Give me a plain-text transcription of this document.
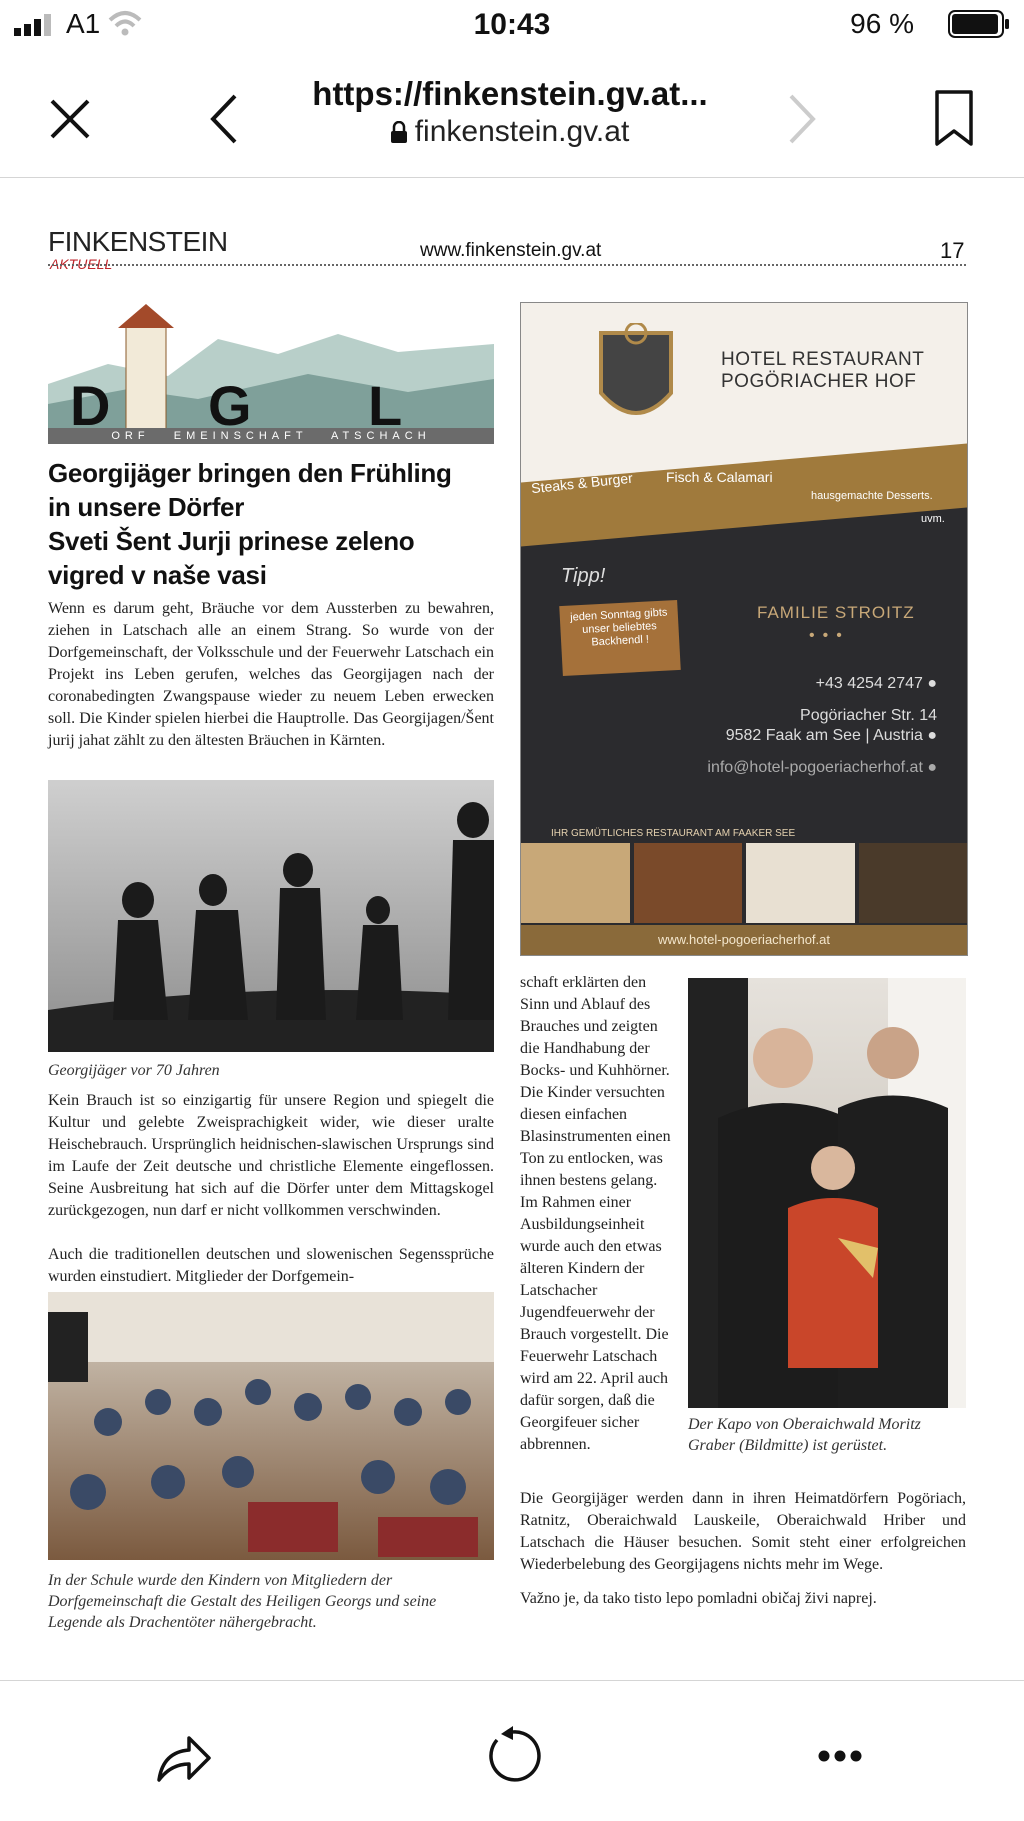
A1	10:43	96 %
https://finkenstein.gv.at...
finkenstein.gv.at
FINKENSTEIN
AKTUELL
www.finkenstein.gv.at	17
D G L
ORF   EMEINSCHAFT   ATSCHACH
Georgijäger bringen den Frühling
in unsere Dörfer
Sveti Šent Jurji prinese zeleno
vigred v naše vasi
Wenn es darum geht, Bräuche vor dem Aussterben zu bewahren, ziehen in Latschach alle an einem Strang. So wurde von der Dorfgemeinschaft, der Volksschule und der Feuerwehr Latschach ein Projekt ins Leben gerufen, welches das Georgijagen nach der coronabedingten Zwangspause wieder zu neuem Leben erwecken soll. Die Kinder spielen hierbei die Hauptrolle. Das Georgijagen/Šent jurij jahat zählt zu den ältesten Bräuchen in Kärnten.
Georgijäger vor 70 Jahren
Kein Brauch ist so einzigartig für unsere Region und spiegelt die Kultur und gelebte Zweisprachigkeit wider, wie dieser uralte Heischebrauch. Ursprünglich heidnischen-slawischen Ursprungs sind im Laufe der Zeit deutsche und christliche Elemente eingeflossen. Seine Ausbreitung hat sich auf die Dörfer unter dem Mittagskogel zurückgezogen, nun darf er nicht vollkommen verschwinden.
Auch die traditionellen deutschen und slowenischen Segenssprüche wurden einstudiert. Mitglieder der Dorfgemein-
In der Schule wurde den Kindern von Mitgliedern der Dorfgemeinschaft die Gestalt des Heiligen Georgs und seine Legende als Drachentöter nähergebracht.
HOTEL RESTAURANT
POGÖRIACHER HOF
Steaks & Burger Fisch & Calamari
hausgemachte Desserts.
uvm.
Tipp!
jeden Sonntag gibts unser beliebtes Backhendl !
FAMILIE STROITZ
•••
+43 4254 2747 ●
Pogöriacher Str. 14
9582 Faak am See | Austria ●
info@hotel-pogoeriacherhof.at ●
IHR GEMÜTLICHES RESTAURANT AM FAAKER SEE
www.hotel-pogoeriacherhof.at
schaft erklärten den Sinn und Ablauf des Brauches und zeigten die Handhabung der Bocks- und Kuhhörner. Die Kinder versuchten diesen einfachen Blasinstrumenten einen Ton zu entlocken, was ihnen bestens gelang. Im Rahmen einer Ausbildungseinheit wurde auch den etwas älteren Kindern der Latschacher Jugendfeuerwehr der Brauch vorgestellt. Die Feuerwehr Latschach wird am 22. April auch dafür sorgen, daß die Georgifeuer sicher abbrennen.
Der Kapo von Oberaichwald Moritz Graber (Bildmitte) ist gerüstet.
Die Georgijäger werden dann in ihren Heimatdörfern Pogöriach, Ratnitz, Oberaichwald Lauskeile, Oberaichwald Hriber und Latschach die Häuser besuchen. Somit steht einer erfolgreichen Wiederbelebung des Georgijagens nichts mehr im Wege.
Važno je, da tako tisto lepo pomladni običaj živi naprej.
